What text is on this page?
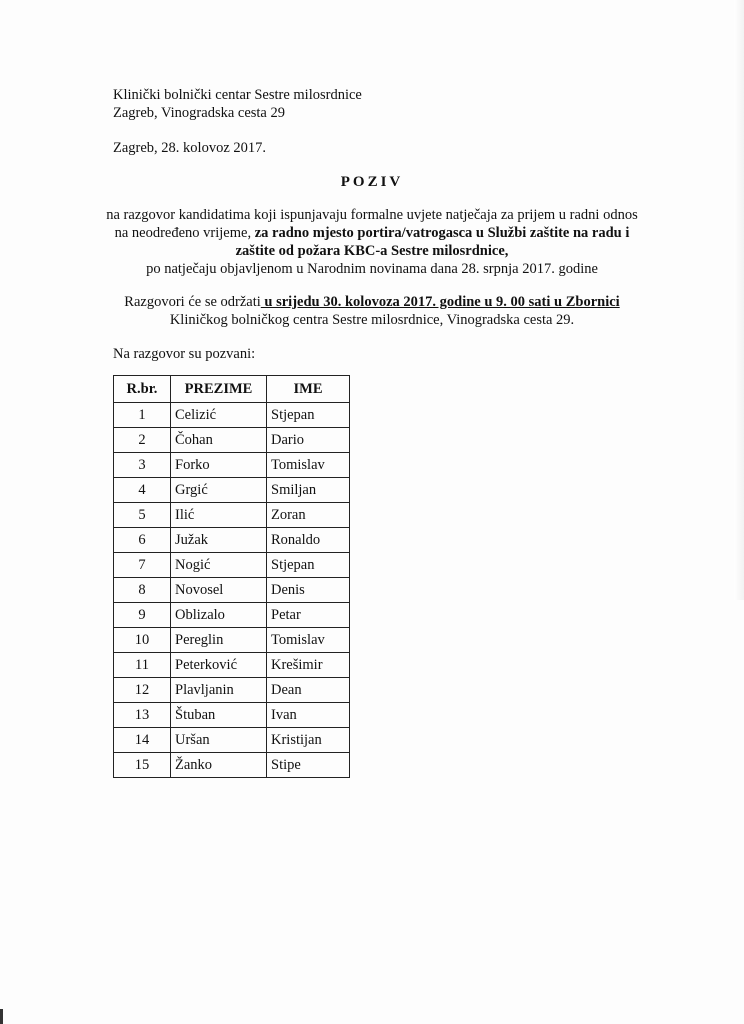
Klinički bolnički centar Sestre milosrdnice
Zagreb, Vinogradska cesta 29
Zagreb, 28. kolovoz 2017.
POZIV
na razgovor kandidatima koji ispunjavaju formalne uvjete natječaja za prijem u radni odnos
na neodređeno vrijeme, za radno mjesto portira/vatrogasca u Službi zaštite na radu i
zaštite od požara KBC-a Sestre milosrdnice,
po natječaju objavljenom u Narodnim novinama dana 28. srpnja 2017. godine
Razgovori će se održati u srijedu 30. kolovoza 2017. godine u 9. 00 sati u Zbornici
Kliničkog bolničkog centra Sestre milosrdnice, Vinogradska cesta 29.
Na razgovor su pozvani:
R.br.	PREZIME	IME
1	Celizić	Stjepan
2	Čohan	Dario
3	Forko	Tomislav
4	Grgić	Smiljan
5	Ilić	Zoran
6	Južak	Ronaldo
7	Nogić	Stjepan
8	Novosel	Denis
9	Oblizalo	Petar
10	Pereglin	Tomislav
11	Peterković	Krešimir
12	Plavljanin	Dean
13	Štuban	Ivan
14	Uršan	Kristijan
15	Žanko	Stipe
